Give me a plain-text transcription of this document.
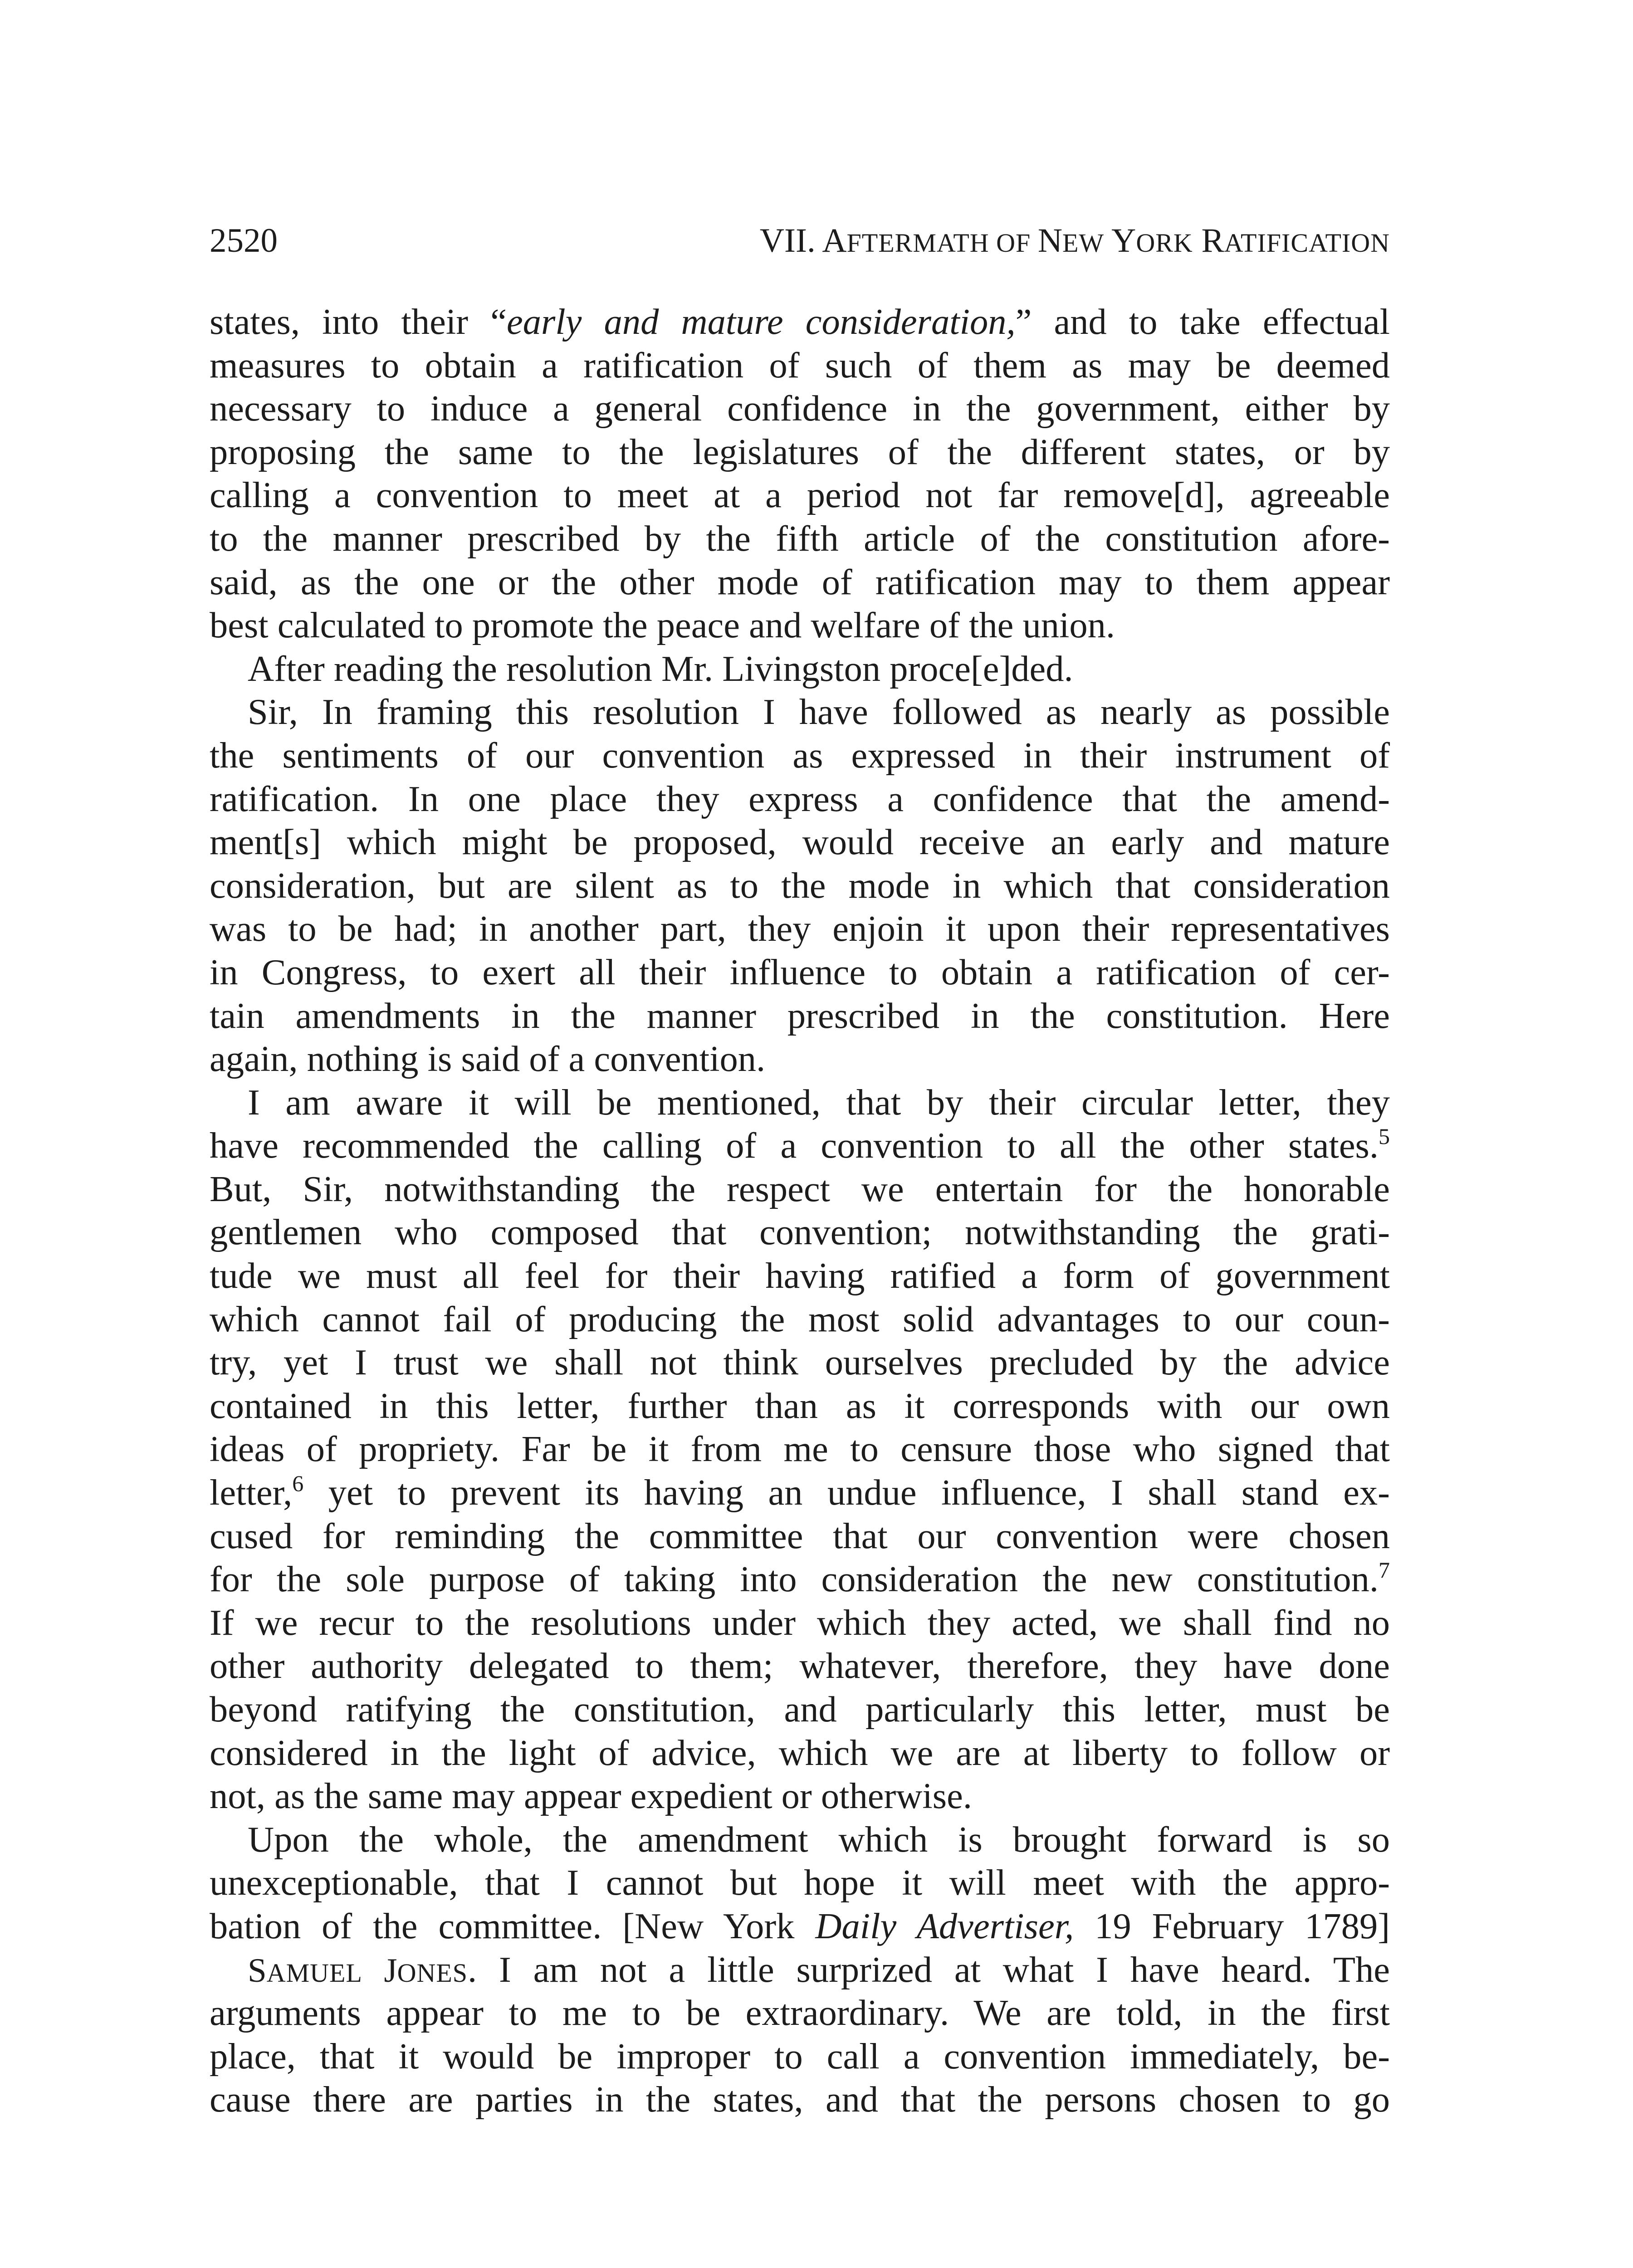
2520	VII. AFTERMATH OF NEW YORK RATIFICATION
states, into their “early and mature consideration,” and to take effectual
measures to obtain a ratification of such of them as may be deemed
necessary to induce a general confidence in the government, either by
proposing the same to the legislatures of the different states, or by
calling a convention to meet at a period not far remove[d], agreeable
to the manner prescribed by the fifth article of the constitution afore-
said, as the one or the other mode of ratification may to them appear
best calculated to promote the peace and welfare of the union.
After reading the resolution Mr. Livingston proce[e]ded.
Sir, In framing this resolution I have followed as nearly as possible
the sentiments of our convention as expressed in their instrument of
ratification. In one place they express a confidence that the amend-
ment[s] which might be proposed, would receive an early and mature
consideration, but are silent as to the mode in which that consideration
was to be had; in another part, they enjoin it upon their representatives
in Congress, to exert all their influence to obtain a ratification of cer-
tain amendments in the manner prescribed in the constitution. Here
again, nothing is said of a convention.
I am aware it will be mentioned, that by their circular letter, they
have recommended the calling of a convention to all the other states.$^5$
But, Sir, notwithstanding the respect we entertain for the honorable
gentlemen who composed that convention; notwithstanding the grati-
tude we must all feel for their having ratified a form of government
which cannot fail of producing the most solid advantages to our coun-
try, yet I trust we shall not think ourselves precluded by the advice
contained in this letter, further than as it corresponds with our own
ideas of propriety. Far be it from me to censure those who signed that
letter,$^6$ yet to prevent its having an undue influence, I shall stand ex-
cused for reminding the committee that our convention were chosen
for the sole purpose of taking into consideration the new constitution.$^7$
If we recur to the resolutions under which they acted, we shall find no
other authority delegated to them; whatever, therefore, they have done
beyond ratifying the constitution, and particularly this letter, must be
considered in the light of advice, which we are at liberty to follow or
not, as the same may appear expedient or otherwise.
Upon the whole, the amendment which is brought forward is so
unexceptionable, that I cannot but hope it will meet with the appro-
bation of the committee. [New York Daily Advertiser, 19 February 1789]
SAMUEL JONES. I am not a little surprized at what I have heard. The
arguments appear to me to be extraordinary. We are told, in the first
place, that it would be improper to call a convention immediately, be-
cause there are parties in the states, and that the persons chosen to go
